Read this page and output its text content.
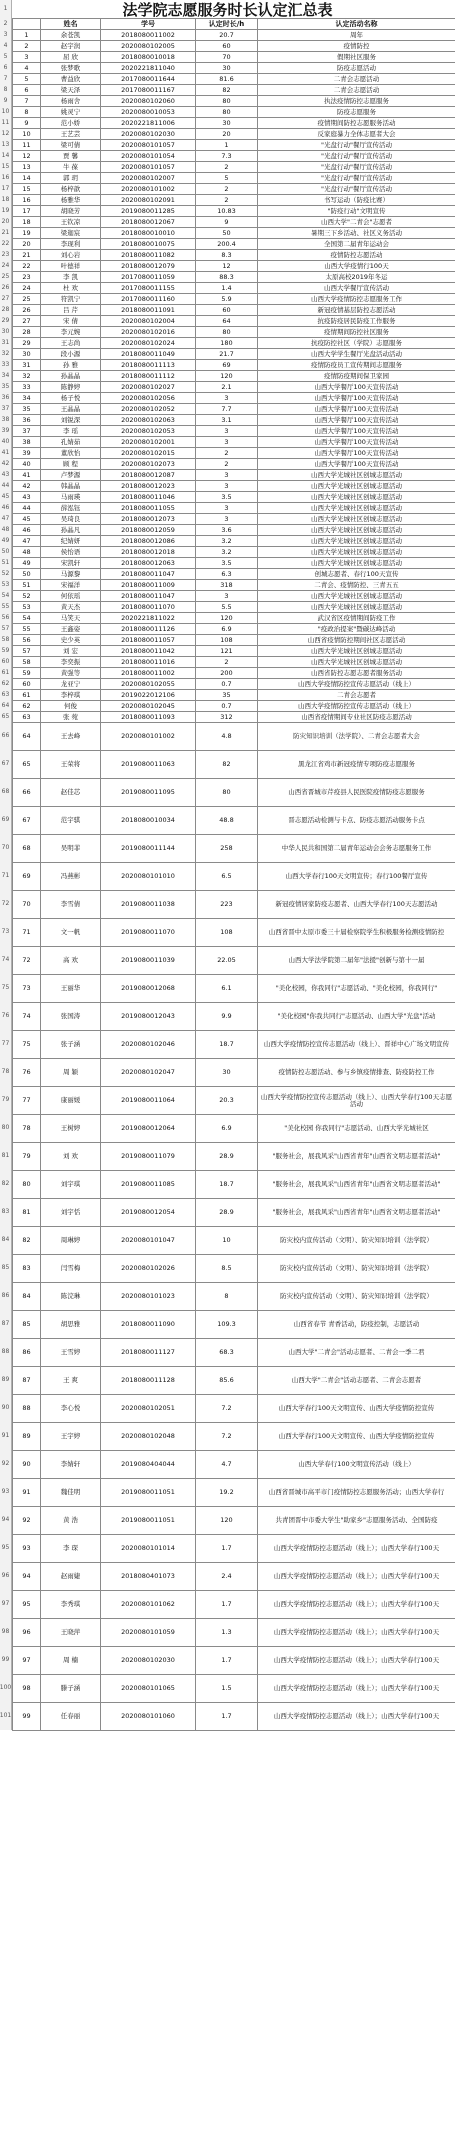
法学院志愿服务时长认定汇总表
1
2
3
4
5
6
7
8
9
10
11
12
13
14
15
16
17
18
19
20
21
22
23
24
25
26
27
28
29
30
31
32
33
34
35
36
37
38
39
40
41
42
43
44
45
46
47
48
49
50
51
52
53
54
55
56
57
58
59
60
61
62
63
64
65
66
67
68
69
70
71
72
73
74
75
76
77
78
79
80
81
82
83
84
85
86
87
88
89
90
91
92
93
94
95
96
97
98
99
100
101
	姓名	学号	认定时长/h	认定活动名称
1	余苍凯	2018080011002	20.7	周年
2	赵宇润	2020080102005	60	疫情防控
3	屈 欣	2018080010018	70	假期社区服务
4	张梦歌	2020221811040	30	防疫志愿活动
5	曹益欣	2017080011644	81.6	二青会志愿活动
6	梁天泽	2017080011167	82	二青会志愿活动
7	杨雨舍	2020080102060	80	执法疫情防控志愿服务
8	姚灵宁	2020080010053	80	防疫志愿服务
9	范小娇	2020221811006	30	疫情期间防控志愿服务活动
10	王艺芸	2020080102030	20	反家庭暴力全体志愿者大会
11	梁可倩	2020080101057	1	"光盘行动"餐厅宣传活动
12	贾 馨	2020080101054	7.3	"光盘行动"餐厅宣传活动
13	牛 葆	2020080101057	2	"光盘行动"餐厅宣传活动
14	郭 玥	2020080102007	5	"光盘行动"餐厅宣传活动
15	杨梓歆	2020080101002	2	"光盘行动"餐厅宣传活动
16	杨雅华	2020080102091	2	书写运动（防疫比赛）
17	胡晓芳	2019080011285	10.83	"防疫行动"文明宣传
18	王钦凉	2018080012067	9	山西大学"二青会"志愿者
19	梁迦宸	2018080010010	50	暑期三下乡活动、社区义务活动
20	李现利	2018080010075	200.4	全国第二届青年运动会
21	刘心岩	2018080011082	8.3	疫情防控志愿活动
22	叶德祥	2018080012079	12	山西大学疫情行100天
23	李 凯	2017080011059	88.3	太原高校2019年冬运
24	杜 欢	2017080011155	1.4	山西大学餐厅宣传活动
25	符凯宁	2017080011160	5.9	山西大学疫情防控志愿服务工作
26	吕 芹	2018080011091	60	新冠疫情基层防控志愿活动
27	宋 倩	2020080102004	64	抗疫防疫居民防疫工作服务
28	李元婉	2020080102016	80	疫情期间防控社区服务
29	王志尚	2020080102024	180	抗疫防控社区（学院）志愿服务
30	段小源	2018080011049	21.7	山西大学学生餐厅光盘活动活动
31	孙 雅	2018080011113	69	疫情防疫员工宣传期间志愿服务
32	孙晶晶	2018080011112	120	疫情防疫期间保卫家园
33	陈静婷	2020080102027	2.1	山西大学餐厅100天宣传活动
34	杨子悦	2020080102056	3	山西大学餐厅100天宣传活动
35	王晶晶	2020080102052	7.7	山西大学餐厅100天宣传活动
36	刘锐深	2020080102063	3.1	山西大学餐厅100天宣传活动
37	李 瑶	2020080102053	3	山西大学餐厅100天宣传活动
38	孔婧茹	2020080102001	3	山西大学餐厅100天宣传活动
39	董欣怡	2020080102015	2	山西大学餐厅100天宣传活动
40	顾 程	2020080102073	2	山西大学餐厅100天宣传活动
41	卢梦源	2018080012087	3	山西大学光城社区创城志愿活动
42	韩晶晶	2018080012023	3	山西大学光城社区创城志愿活动
43	马雨瑛	2018080011046	3.5	山西大学光城社区创城志愿活动
44	薛泓钰	2018080011055	3	山西大学光城社区创城志愿活动
45	吴琦良	2018080012073	3	山西大学光城社区创城志愿活动
46	孙晶凡	2018080012059	3.6	山西大学光城社区创城志愿活动
47	纪婧妍	2018080012086	3.2	山西大学光城社区创城志愿活动
48	侯怡语	2018080012018	3.2	山西大学光城社区创城志愿活动
49	宋凯轩	2018080012063	3.5	山西大学光城社区创城志愿活动
50	马源黎	2018080011047	6.3	创城志愿者、春行100天宣传
51	宋福洋	2018080011009	318	二青会、疫情防控、三青五五
52	何依瑶	2018080011047	3	山西大学光城社区创城志愿活动
53	黄天杰	2018080011070	5.5	山西大学光城社区创城志愿活动
54	马笑天	2020221811022	120	武汉省区疫情期间防疫工作
55	王鑫姿	2018080011126	6.9	"疫政治提案"暨碳达峰活动
56	史少英	2018080011057	108	山西省疫情防控期间社区志愿活动
57	刘 宏	2018080011042	121	山西大学光城社区创城志愿活动
58	李奕振	2018080011016	2	山西大学光城社区创城志愿活动
59	黄强等	2018080011002	200	山西省防控志愿志愿者服务活动
60	龙亚宁	2020080102055	0.7	山西大学疫情防控宣传志愿活动（线上）
61	李梓琪	2019022012106	35	二青会志愿者
62	何俊	2020080102045	0.7	山西大学疫情防控宣传志愿活动（线上）
63	张 菀	2018080011093	312	山西省疫情期间专业社区防疫志愿活动
64	王去峰	2020080101002	4.8	防灾知识培训（法学院）、二青会志愿者大会
65	王荣将	2019080011063	82	黑龙江省鸡市新冠疫情专项防疫志愿服务
66	赵佳芯	2019080011095	80	山西省晋城市芹疫县人民医院疫情防疫志愿服务
67	范宇骐	2018080010034	48.8	晋志愿活动检测与卡点、防疫志愿活动服务卡点
68	吴明菲	2019080011144	258	中华人民共和国第二届青年运动会会务志愿服务工作
69	冯燕彬	2020080101010	6.5	山西大学春行100天文明宣传；春行100餐厅宣传
70	李雪倩	2019080011038	223	新冠疫情居家防疫志愿者、山西大学春行100天志愿活动
71	文一帆	2019080011070	108	山西省晋中太原市委三十届检察院学生积极服务检测疫情防控
72	高 欢	2019080011039	22.05	山西大学法学院第二届年"法援"创新与第十一届
73	王丽华	2019080012068	6.1	"美化校园，你我同行"志愿活动、"美化校园，你我同行"
74	张国涛	2019080012043	9.9	"美化校园"你我共同行"志愿活动、山西大学"光盘"活动
75	张子涵	2020080102046	18.7	山西大学疫情防控宣传志愿活动（线上）、晋祥中心广场文明宣传
76	周 颖	2020080102047	30	疫情防控志愿活动、参与乡镇疫情排查、防疫防控工作
77	康丽媛	2019080011064	20.3	山西大学疫情防控宣传志愿活动（线上）、山西大学春行100天志愿活动
78	王树婷	2019080012064	6.9	"美化校园 你我同行"志愿活动、山西大学光城社区
79	刘 欢	2019080011079	28.9	"服务社会，展我风采"山西省青年"山西省文明志愿者活动"
80	刘宇琪	2019080011085	18.7	"服务社会，展我风采"山西省青年"山西省文明志愿者活动"
81	刘宇恬	2019080012054	28.9	"服务社会，展我风采"山西省青年"山西省文明志愿者活动"
82	周琳婷	2020080101047	10	防灾校内宣传活动（文明）、防灾知识培训（法学院）
83	闫雪梅	2020080102026	8.5	防灾校内宣传活动（文明）、防灾知识培训（法学院）
84	陈浣琳	2020080101023	8	防灾校内宣传活动（文明）、防灾知识培训（法学院）
85	胡思雅	2018080011090	109.3	山西省春节 青香活动，防疫控制，志愿活动
86	王雪婷	2018080011127	68.3	山西大学"二青会"活动志愿者、二青会一季二君
87	王 爽	2018080011128	85.6	山西大学"二青会"活动志愿者、二青会志愿者
88	李心悦	2020080102051	7.2	山西大学春行100天文明宣传、山西大学疫情防控宣传
89	王宇婷	2020080102048	7.2	山西大学春行100天文明宣传、山西大学疫情防控宣传
90	李婧轩	2019080404044	4.7	山西大学春行100文明宣传活动（线上）
91	魏佳明	2019080011051	19.2	山西省晋城市高平市门疫情防控志愿服务活动；山西大学春行
92	黄 浩	2019080011051	120	共青团晋中市委大学生"助家乡"志愿服务活动、全国防疫
93	李 琛	2020080101014	1.7	山西大学疫情防控志愿活动（线上）；山西大学春行100天
94	赵雨婕	2018080401073	2.4	山西大学疫情防控志愿活动（线上）；山西大学春行100天
95	李秀琪	2020080101062	1.7	山西大学疫情防控志愿活动（线上）；山西大学春行100天
96	王晓萍	2020080101059	1.3	山西大学疫情防控志愿活动（线上）；山西大学春行100天
97	周 楠	2020080102030	1.7	山西大学疫情防控志愿活动（线上）；山西大学春行100天
98	滕子涵	2020080101065	1.5	山西大学疫情防控志愿活动（线上）；山西大学春行100天
99	任春丽	2020080101060	1.7	山西大学疫情防控志愿活动（线上）；山西大学春行100天
